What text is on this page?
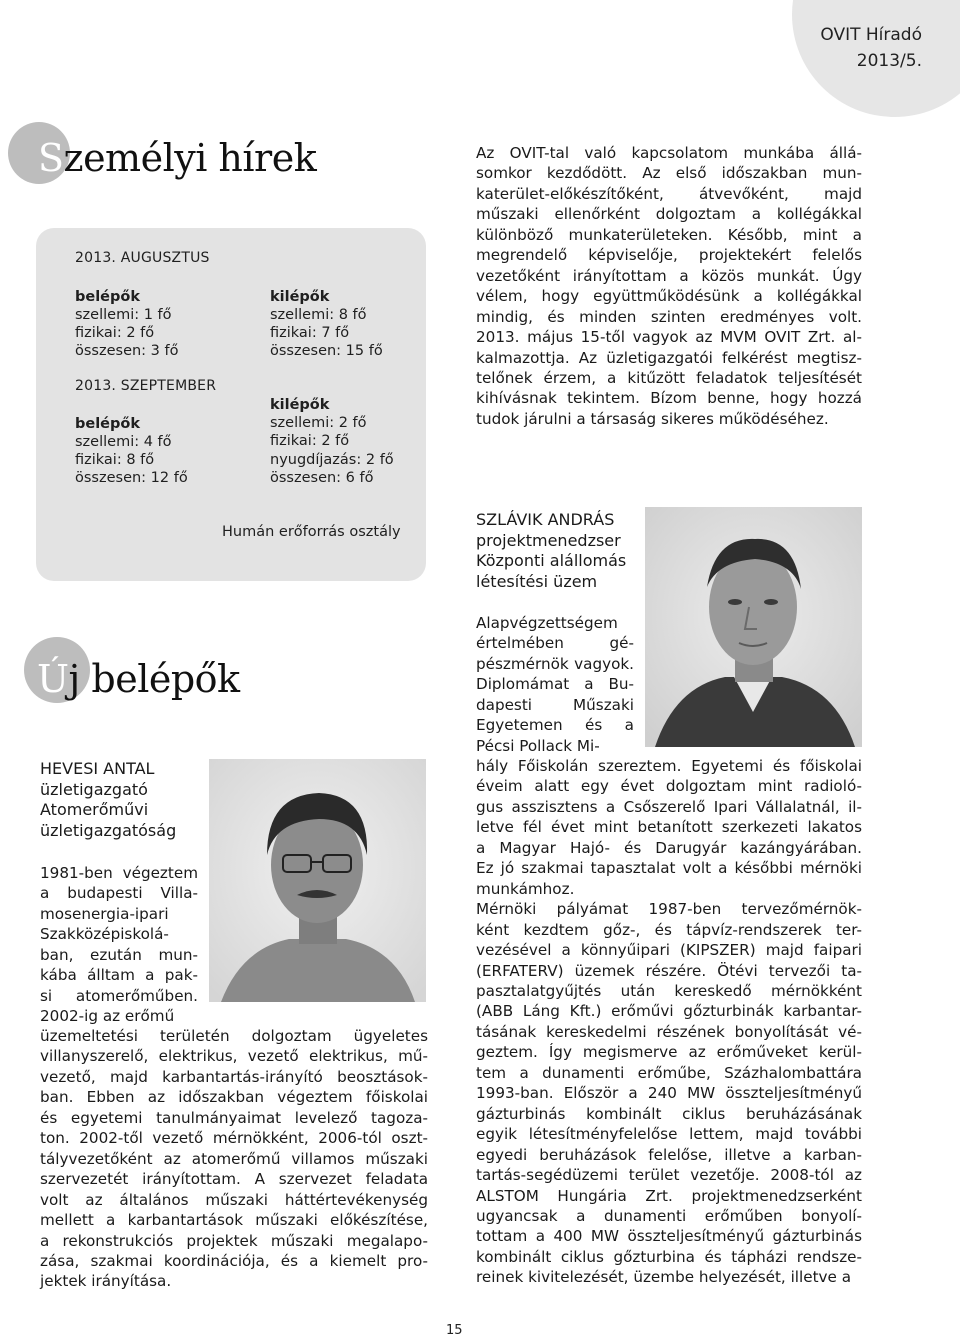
OVIT Híradó
2013/5.
Személyi hírek
2013. AUGUSZTUS
belépők
szellemi: 1 fő
fizikai: 2 fő
összesen: 3 fő
kilépők
szellemi: 8 fő
fizikai: 7 fő
összesen: 15 fő
2013. SZEPTEMBER
belépők
szellemi: 4 fő
fizikai: 8 fő
összesen: 12 fő
kilépők
szellemi: 2 fő
fizikai: 2 fő
nyugdíjazás: 2 fő
összesen: 6 fő
Humán erőforrás osztály
Az OVIT-tal való kapcsolatom munkába állá-
somkor kezdődött. Az első időszakban mun-
katerület-előkészítőként, átvevőként, majd
műszaki ellenőrként dolgoztam a kollégákkal
különböző munkaterületeken. Később, mint a
megrendelő képviselője, projektekért felelős
vezetőként irányítottam a közös munkát. Úgy
vélem, hogy együttműködésünk a kollégákkal
mindig, és minden szinten eredményes volt.
2013. május 15-től vagyok az MVM OVIT Zrt. al-
kalmazottja. Az üzletigazgatói felkérést megtisz-
telőnek érzem, a kitűzött feladatok teljesítését
kihívásnak tekintem. Bízom benne, hogy hozzá
tudok járulni a társaság sikeres működéséhez.
SZLÁVIK ANDRÁS
projektmenedzser
Központi alállomás
létesítési üzem
Alapvégzettségem
értelmében gé-
pészmérnök vagyok.
Diplomámat a Bu-
dapesti Műszaki
Egyetemen és a
Pécsi Pollack Mi-
hály Főiskolán szereztem. Egyetemi és főiskolai
éveim alatt egy évet dolgoztam mint radioló-
gus asszisztens a Csőszerelő Ipari Vállalatnál, il-
letve fél évet mint betanított szerkezeti lakatos
a Magyar Hajó- és Darugyár kazángyárában.
Ez jó szakmai tapasztalat volt a későbbi mérnöki
munkámhoz.
Mérnöki pályámat 1987-ben tervezőmérnök-
ként kezdtem gőz-, és tápvíz-rendszerek ter-
vezésével a könnyűipari (KIPSZER) majd faipari
(ERFATERV) üzemek részére. Ötévi tervezői ta-
pasztalatgyűjtés után kereskedő mérnökként
(ABB Láng Kft.) erőművi gőzturbinák karbantar-
tásának kereskedelmi részének bonyolítását vé-
geztem. Így megismerve az erőműveket kerül-
tem a dunamenti erőműbe, Százhalombattára
1993-ban. Először a 240 MW összteljesítményű
gázturbinás kombinált ciklus beruházásának
egyik létesítményfelelőse lettem, majd további
egyedi beruházások felelőse, illetve a karban-
tartás-segédüzemi terület vezetője. 2008-tól az
ALSTOM Hungária Zrt. projektmenedzserként
ugyancsak a dunamenti erőműben bonyolí-
tottam a 400 MW összteljesítményű gázturbinás
kombinált ciklus gőzturbina és tápházi rendsze-
reinek kivitelezését, üzembe helyezését, illetve a
Új belépők
HEVESI ANTAL
üzletigazgató
Atomerőművi
üzletigazgatóság
1981-ben végeztem
a budapesti Villa-
mosenergia-ipari
Szakközépiskolá-
ban, ezután mun-
kába álltam a pak-
si atomerőműben.
2002-ig az erőmű
üzemeltetési területén dolgoztam ügyeletes
villanyszerelő, elektrikus, vezető elektrikus, mű-
vezető, majd karbantartás-irányító beosztások-
ban. Ebben az időszakban végeztem főiskolai
és egyetemi tanulmányaimat levelező tagoza-
ton. 2002-től vezető mérnökként, 2006-tól oszt-
tályvezetőként az atomerőmű villamos műszaki
szervezetét irányítottam. A szervezet feladata
volt az általános műszaki háttértevékenység
mellett a karbantartások műszaki előkészítése,
a rekonstrukciós projektek műszaki megalapo-
zása, szakmai koordinációja, és a kiemelt pro-
jektek irányítása.
15
